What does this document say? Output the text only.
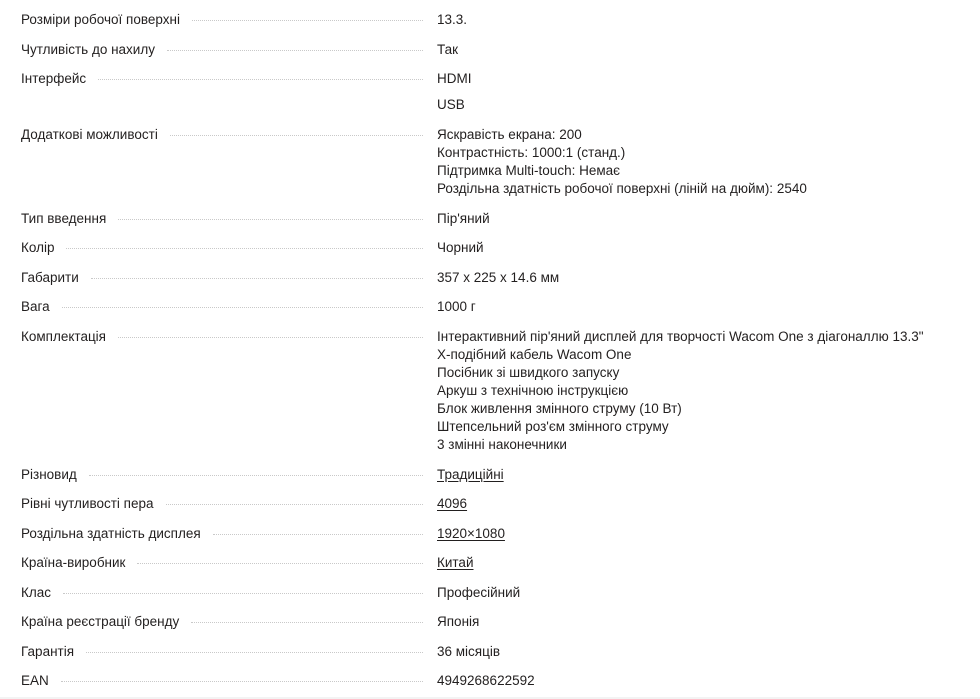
Розміри робочої поверхні	13.3.
Чутливість до нахилу	Так
Інтерфейс	HDMI
USB
Додаткові можливості	Яскравість екрана: 200
Контрастність: 1000:1 (станд.)
Підтримка Multi-touch: Немає
Роздільна здатність робочої поверхні (ліній на дюйм): 2540
Тип введення	Пір'яний
Колір	Чорний
Габарити	357 x 225 x 14.6 мм
Вага	1000 г
Комплектація	Інтерактивний пір'яний дисплей для творчості Wacom One з діагоналлю 13.3"
X-подібний кабель Wacom One
Посібник зі швидкого запуску
Аркуш з технічною інструкцією
Блок живлення змінного струму (10 Вт)
Штепсельний роз'єм змінного струму
3 змінні наконечники
Різновид	Традиційні
Рівні чутливості пера	4096
Роздільна здатність дисплея	1920×1080
Країна-виробник	Китай
Клас	Професійний
Країна реєстрації бренду	Японія
Гарантія	36 місяців
EAN	4949268622592
